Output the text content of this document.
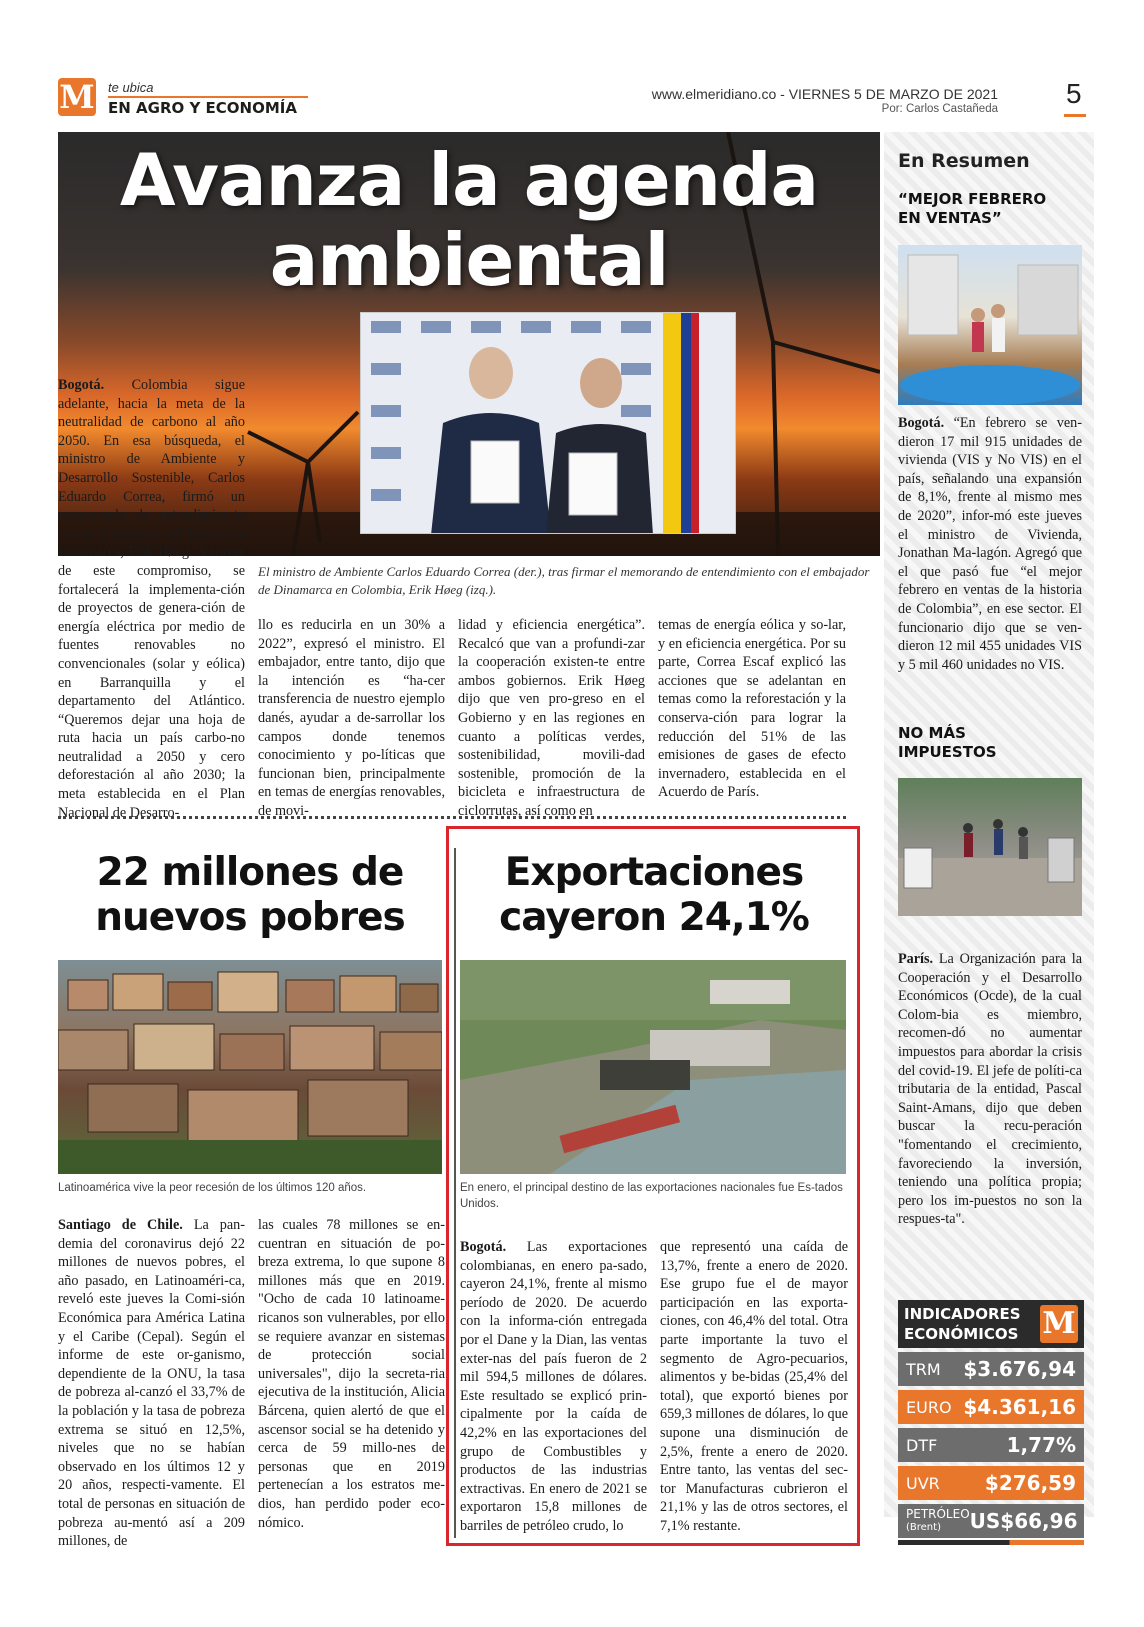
M te ubica
EN AGRO Y ECONOMÍA
www.elmeridiano.co - VIERNES 5 DE MARZO DE 2021
Por: Carlos Castañeda 5
Avanza la agenda
ambiental
El ministro de Ambiente Carlos Eduardo Correa (der.), tras firmar el memorando de entendimiento con el embajador de Dinamarca en Colombia, Erik Høeg (izq.).
Bogotá. Colombia sigue adelante, hacia la meta de la neutralidad de carbono al año 2050. En esa búsqueda, el ministro de Ambiente y Desarrollo Sostenible, Carlos Eduardo Correa, firmó un memorando de entendimien-to con el Embajador del Rei-no de Dinamarca, Erik Høeg. A través de este compromiso, se fortalecerá la implementa-ción de proyectos de genera-ción de energía eléctrica por medio de fuentes renovables no convencionales (solar y eólica) en Barranquilla y el departamento del Atlántico. “Queremos dejar una hoja de ruta hacia un país carbo-no neutralidad a 2050 y cero deforestación al año 2030; la meta establecida en el Plan Nacional de Desarro-
llo es reducirla en un 30% a 2022”, expresó el ministro. El embajador, entre tanto, dijo que la intención es “ha-cer transferencia de nuestro ejemplo danés, ayudar a de-sarrollar los campos donde tenemos conocimiento y po-líticas que funcionan bien, principalmente en temas de energías renovables, de movi-
lidad y eficiencia energética”. Recalcó que van a profundi-zar la cooperación existen-te entre ambos gobiernos. Erik Høeg dijo que ven pro-greso en el Gobierno y en las regiones en cuanto a políticas verdes, sostenibilidad, movili-dad sostenible, promoción de la bicicleta e infraestructura de ciclorrutas, así como en
temas de energía eólica y so-lar, y en eficiencia energética. Por su parte, Correa Escaf explicó las acciones que se adelantan en temas como la reforestación y la conserva-ción para lograr la reducción del 51% de las emisiones de gases de efecto invernadero, establecida en el Acuerdo de París.
22 millones de
nuevos pobres
Latinoamérica vive la peor recesión de los últimos 120 años.
Santiago de Chile. La pan-demia del coronavirus dejó 22 millones de nuevos pobres, el año pasado, en Latinoaméri-ca, reveló este jueves la Comi-sión Económica para América Latina y el Caribe (Cepal). Según el informe de este or-ganismo, dependiente de la ONU, la tasa de pobreza al-canzó el 33,7% de la población y la tasa de pobreza extrema se situó en 12,5%, niveles que no se habían observado en los últimos 12 y 20 años, respecti-vamente. El total de personas en situación de pobreza au-mentó así a 209 millones, de
las cuales 78 millones se en-cuentran en situación de po-breza extrema, lo que supone 8 millones más que en 2019. "Ocho de cada 10 latinoame-ricanos son vulnerables, por ello se requiere avanzar en sistemas de protección social universales", dijo la secreta-ria ejecutiva de la institución, Alicia Bárcena, quien alertó de que el ascensor social se ha detenido y cerca de 59 millo-nes de personas que en 2019 pertenecían a los estratos me-dios, han perdido poder eco-nómico.
Exportaciones
cayeron 24,1%
En enero, el principal destino de las exportaciones nacionales fue Es-tados Unidos.
Bogotá. Las exportaciones colombianas, en enero pa-sado, cayeron 24,1%, frente al mismo período de 2020. De acuerdo con la informa-ción entregada por el Dane y la Dian, las ventas exter-nas del país fueron de 2 mil 594,5 millones de dólares. Este resultado se explicó prin-cipalmente por la caída de 42,2% en las exportaciones del grupo de Combustibles y productos de las industrias extractivas. En enero de 2021 se exportaron 15,8 millones de barriles de petróleo crudo, lo
que representó una caída de 13,7%, frente a enero de 2020. Ese grupo fue el de mayor participación en las exporta-ciones, con 46,4% del total. Otra parte importante la tuvo el segmento de Agro-pecuarios, alimentos y be-bidas (25,4% del total), que exportó bienes por 659,3 millones de dólares, lo que supone una disminución de 2,5%, frente a enero de 2020. Entre tanto, las ventas del sec-tor Manufacturas cubrieron el 21,1% y las de otros sectores, el 7,1% restante.
En Resumen
“MEJOR FEBRERO EN VENTAS”
Bogotá. “En febrero se ven-dieron 17 mil 915 unidades de vivienda (VIS y No VIS) en el país, señalando una expansión de 8,1%, frente al mismo mes de 2020”, infor-mó este jueves el ministro de Vivienda, Jonathan Ma-lagón. Agregó que el que pasó fue “el mejor febrero en ventas de la historia de Colombia”, en ese sector. El funcionario dijo que se ven-dieron 12 mil 455 unidades VIS y 5 mil 460 unidades no VIS.
NO MÁS IMPUESTOS
París. La Organización para la Cooperación y el Desarrollo Económicos (Ocde), de la cual Colom-bia es miembro, recomen-dó no aumentar impuestos para abordar la crisis del covid-19. El jefe de políti-ca tributaria de la entidad, Pascal Saint-Amans, dijo que deben buscar la recu-peración "fomentando el crecimiento, favoreciendo la inversión, teniendo una política propia; pero los im-puestos no son la respues-ta".
INDICADORES
ECONÓMICOS M
TRM $3.676,94
EURO $4.361,16
DTF	1,77%
UVR $276,59
PETRÓLEO
(Brent)	US$66,96
